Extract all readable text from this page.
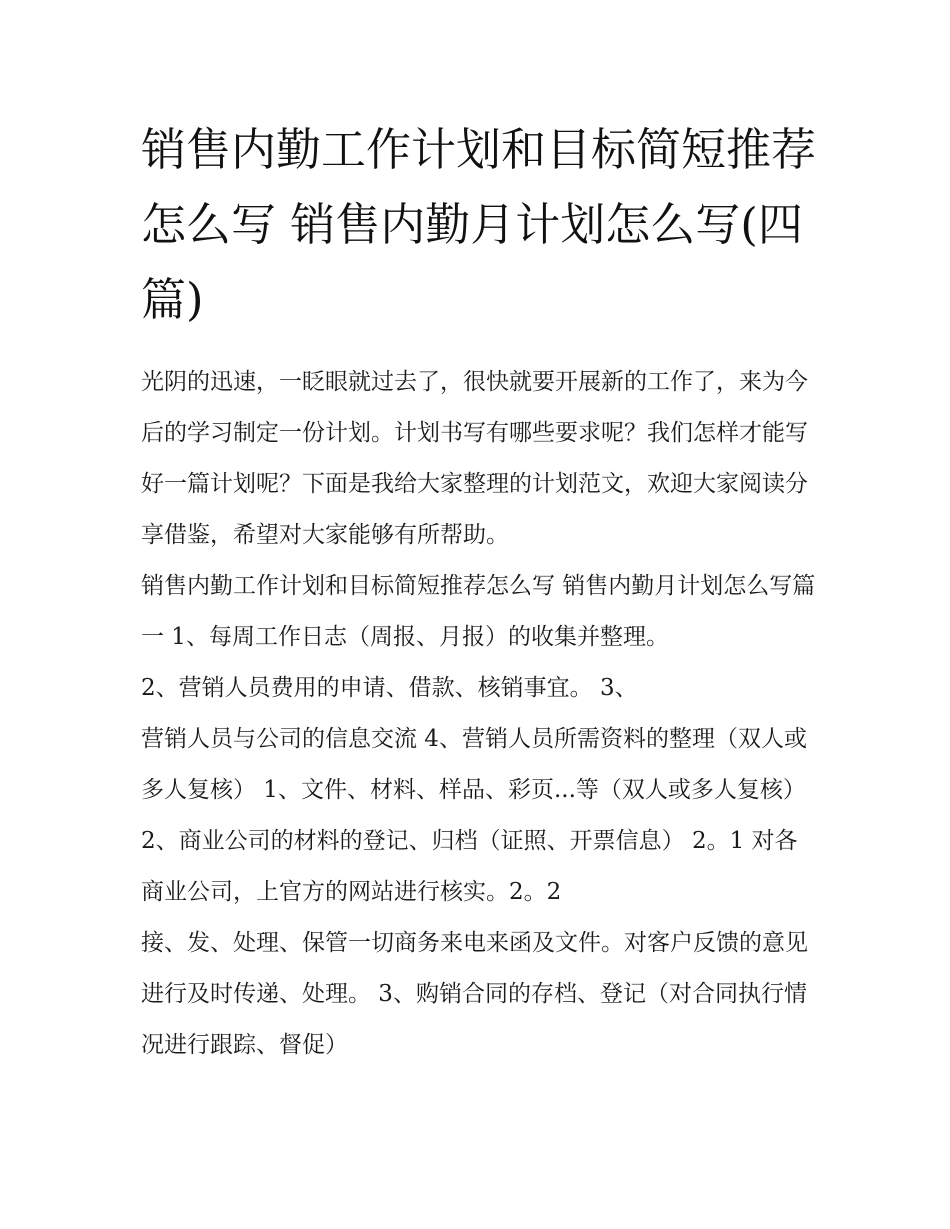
销售内勤工作计划和目标简短推荐怎么写 销售内勤月计划怎么写(四篇)

光阴的迅速，一眨眼就过去了，很快就要开展新的工作了，来为今后的学习制定一份计划。计划书写有哪些要求呢？我们怎样才能写好一篇计划呢？下面是我给大家整理的计划范文，欢迎大家阅读分享借鉴，希望对大家能够有所帮助。

销售内勤工作计划和目标简短推荐怎么写 销售内勤月计划怎么写篇一 1、每周工作日志（周报、月报）的收集并整理。

2、营销人员费用的申请、借款、核销事宜。 3、

营销人员与公司的信息交流 4、营销人员所需资料的整理（双人或多人复核） 1、文件、材料、样品、彩页...等（双人或多人复核）

2、商业公司的材料的登记、归档（证照、开票信息） 2。1 对各商业公司，上官方的网站进行核实。2。2

接、发、处理、保管一切商务来电来函及文件。对客户反馈的意见进行及时传递、处理。 3、购销合同的存档、登记（对合同执行情况进行跟踪、督促）
